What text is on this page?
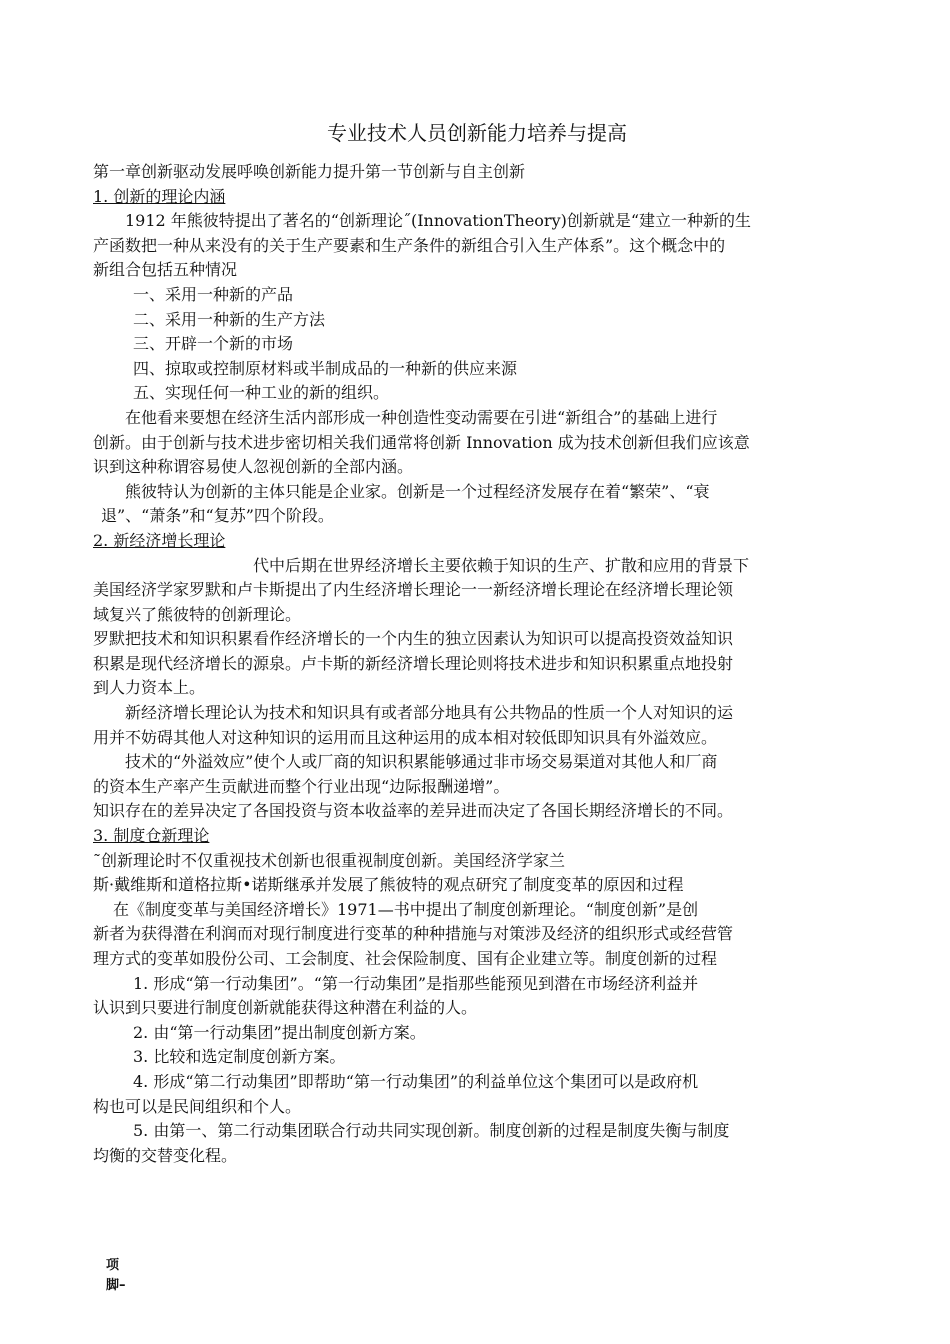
专业技术人员创新能力培养与提高

第一章创新驱动发展呼唤创新能力提升第一节创新与自主创新

1. 创新的理论内涵

1912 年熊彼特提出了著名的“创新理论˝(InnovationTheory)创新就是“建立一种新的生

产函数把一种从来没有的关于生产要素和生产条件的新组合引入生产体系”。这个概念中的

新组合包括五种情况

一、采用一种新的产品

二、采用一种新的生产方法

三、开辟一个新的市场

四、掠取或控制原材料或半制成品的一种新的供应来源

五、实现任何一种工业的新的组织。

在他看来要想在经济生活内部形成一种创造性变动需要在引进“新组合”的基础上进行

创新。由于创新与技术进步密切相关我们通常将创新 Innovation 成为技术创新但我们应该意

识到这种称谓容易使人忽视创新的全部内涵。

熊彼特认为创新的主体只能是企业家。创新是一个过程经济发展存在着“繁荣”、“衰

退”、“萧条”和“复苏”四个阶段。

2. 新经济增长理论

代中后期在世界经济增长主要依赖于知识的生产、扩散和应用的背景下

美国经济学家罗默和卢卡斯提出了内生经济增长理论一一新经济增长理论在经济增长理论领

域复兴了熊彼特的创新理论。

罗默把技术和知识积累看作经济增长的一个内生的独立因素认为知识可以提高投资效益知识

积累是现代经济增长的源泉。卢卡斯的新经济增长理论则将技术进步和知识积累重点地投射

到人力资本上。

新经济增长理论认为技术和知识具有或者部分地具有公共物品的性质一个人对知识的运

用并不妨碍其他人对这种知识的运用而且这种运用的成本相对较低即知识具有外溢效应。

技术的“外溢效应”使个人或厂商的知识积累能够通过非市场交易渠道对其他人和厂商

的资本生产率产生贡献进而整个行业出现“边际报酬递增”。

知识存在的差异决定了各国投资与资本收益率的差异进而决定了各国长期经济增长的不同。

3. 制度仓新理论

˜创新理论时不仅重视技术创新也很重视制度创新。美国经济学家兰

斯·戴维斯和道格拉斯•诺斯继承并发展了熊彼特的观点研究了制度变革的原因和过程

在《制度变革与美国经济增长》1971—书中提出了制度创新理论。“制度创新”是创

新者为获得潜在利润而对现行制度进行变革的种种措施与对策涉及经济的组织形式或经营管

理方式的变革如股份公司、工会制度、社会保险制度、国有企业建立等。制度创新的过程

1. 形成“第一行动集团”。“第一行动集团”是指那些能预见到潜在市场经济利益并

认识到只要进行制度创新就能获得这种潜在利益的人。

2. 由“第一行动集团”提出制度创新方案。

3. 比较和选定制度创新方案。

4. 形成“第二行动集团”即帮助“第一行动集团”的利益单位这个集团可以是政府机

构也可以是民间组织和个人。

5. 由第一、第二行动集团联合行动共同实现创新。制度创新的过程是制度失衡与制度

均衡的交替变化程。

项
脚–
